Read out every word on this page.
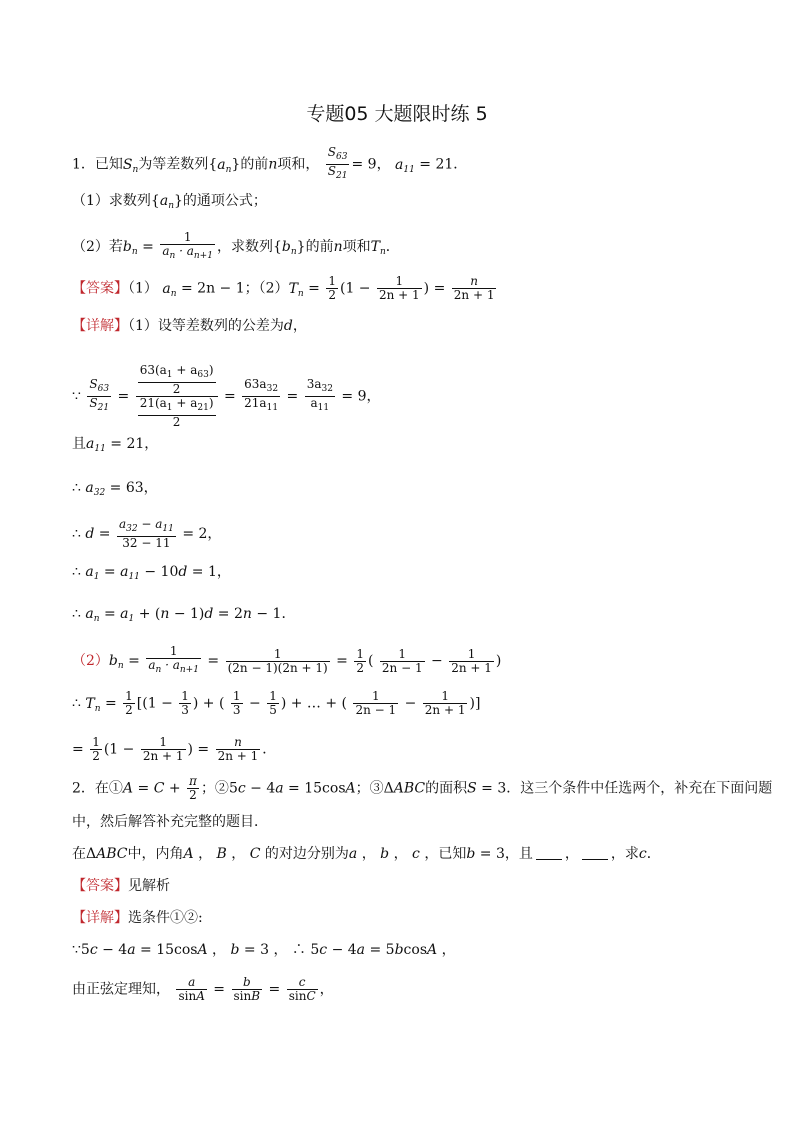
专题05 大题限时练 5
1．已知$S_n$为等差数列$\{a_n\}$的前n项和， $\frac{S_{63}}{S_{21}} = 9$， $a_{11} = 21$．
（1）求数列$\{a_n\}$的通项公式；
（2）若$b_n = \frac{1}{a_n \cdot a_{n+1}}$ ，求数列$\{b_n\}$的前n项和$T_n$．
【答案】（1） $a_n = 2n - 1$；$(2)T_n = \frac{1}{2} (1 - \frac{1}{2n + 1}$ ) = $\frac{n}{2n + 1}$
【详解】（1）设等差数列的公差为d，
∵ $\frac{S_{63}}{S_{21}} = \frac{\frac{63(a_1 + a_{63})}{2}}{\frac{21(a_1 + a_{21})}{2}} = \frac{63a_{32}}{21a_{11}} = \frac{3a_{32}}{a_{11}} = 9$，
且$a_{11} = 21$，
∴ $a_{32} = 63$，
∴ $d = \frac{a_{32} - a_{11}}{32 - 11} = 2$，
∴ $a_1 = a_{11} - 10d = 1$，
∴ $a_n = a_1 + (n - 1)d = 2n - 1$．
$(2)b_n = \frac{1}{a_n \cdot a_{n+1}} = \frac{1}{(2n - 1)(2n + 1)} = \frac{1}{2}$ ( $\frac{1}{2n - 1} - \frac{1}{2n + 1}$ )
∴ $T_n = \frac{1}{2} [(1 - \frac{1}{3}$ ) + ( $\frac{1}{3} - \frac{1}{5}$ ) + … + ( $\frac{1}{2n - 1} - \frac{1}{2n + 1}$ )]
= $\frac{1}{2} (1 - \frac{1}{2n + 1}$ ) = $\frac{n}{2n + 1}$ ．
2．在①A = $C + \frac{\pi}{2}$ ；②5c − 4a = 15cosA；③ΔABC的面积S = 3．这三个条件中任选两个，补充在下面问题
中，然后解答补充完整的题目．
在ΔABC中，内角A ， B ， C 的对边分别为a ， b ， c ，已知b = 3，且 ， ，求c．
【答案】见解析
【详解】选条件①②:
∵5c − 4a = 15cosA ， b = 3 ， ∴ 5c − 4a = 5bcosA ，
由正弦定理知， $\frac{a}{\sin A} = \frac{b}{\sin B} = \frac{c}{\sin C}$ ，
